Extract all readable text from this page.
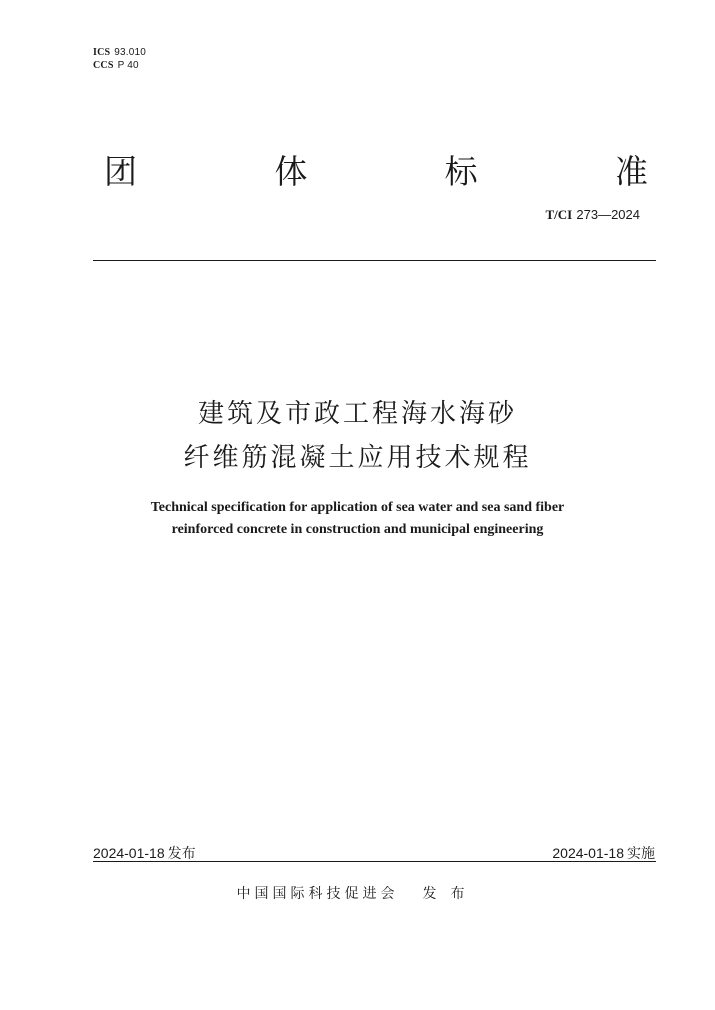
ICS 93.010
CCS P 40
团	体	标	准
T/CI 273—2024
建筑及市政工程海水海砂
纤维筋混凝土应用技术规程
Technical specification for application of sea water and sea sand fiber
reinforced concrete in construction and municipal engineering
2024-01-18 发布	2024-01-18 实施
中国国际科技促进会 发布
